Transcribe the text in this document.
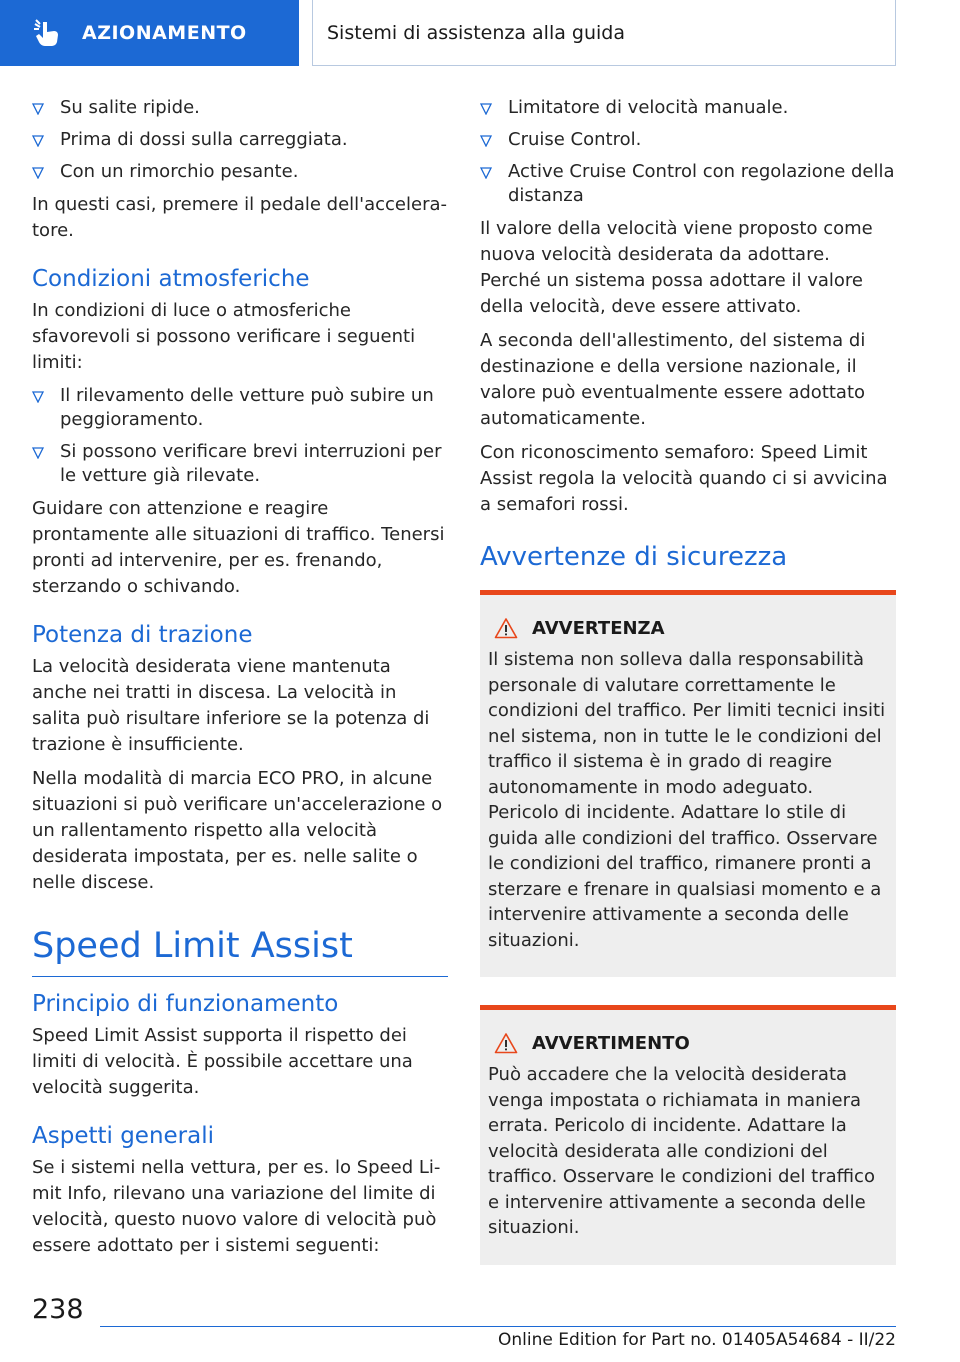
AZIONAMENTO	Sistemi di assistenza alla guida
Su salite ripide.
Prima di dossi sulla carreggiata.
Con un rimorchio pesante.

In questi casi, premere il pedale dell'acceleratore.

Condizioni atmosferiche

In condizioni di luce o atmosferiche sfavorevoli si possono verificare i seguenti limiti:

Il rilevamento delle vetture può subire un peggioramento.
Si possono verificare brevi interruzioni per le vetture già rilevate.

Guidare con attenzione e reagire prontamente alle situazioni di traffico. Tenersi pronti ad intervenire, per es. frenando, sterzando o schivando.

Potenza di trazione

La velocità desiderata viene mantenuta anche nei tratti in discesa. La velocità in salita può risultare inferiore se la potenza di trazione è insufficiente.

Nella modalità di marcia ECO PRO, in alcune situazioni si può verificare un'accelerazione o un rallentamento rispetto alla velocità desiderata impostata, per es. nelle salite o nelle discese.

Speed Limit Assist
Principio di funzionamento

Speed Limit Assist supporta il rispetto dei limiti di velocità. È possibile accettare una velocità suggerita.

Aspetti generali

Se i sistemi nella vettura, per es. lo Speed Limit Info, rilevano una variazione del limite di velocità, questo nuovo valore di velocità può essere adottato per i sistemi seguenti:

Limitatore di velocità manuale.
Cruise Control.
Active Cruise Control con regolazione della distanza

Il valore della velocità viene proposto come nuova velocità desiderata da adottare. Perché un sistema possa adottare il valore della velocità, deve essere attivato.

A seconda dell'allestimento, del sistema di destinazione e della versione nazionale, il valore può eventualmente essere adottato automaticamente.

Con riconoscimento semaforo: Speed Limit Assist regola la velocità quando ci si avvicina a semafori rossi.

Avvertenze di sicurezza
AVVERTENZA

Il sistema non solleva dalla responsabilità personale di valutare correttamente le condizioni del traffico. Per limiti tecnici insiti nel sistema, non in tutte le le condizioni del traffico il sistema è in grado di reagire autonomamente in modo adeguato. Pericolo di incidente. Adattare lo stile di guida alle condizioni del traffico. Osservare le condizioni del traffico, rimanere pronti a sterzare e frenare in qualsiasi momento e a intervenire attivamente a seconda delle situazioni.

AVVERTIMENTO

Può accadere che la velocità desiderata venga impostata o richiamata in maniera errata. Pericolo di incidente. Adattare la velocità desiderata alle condizioni del traffico. Osservare le condizioni del traffico e intervenire attivamente a seconda delle situazioni.

238
Online Edition for Part no. 01405A54684 - II/22
